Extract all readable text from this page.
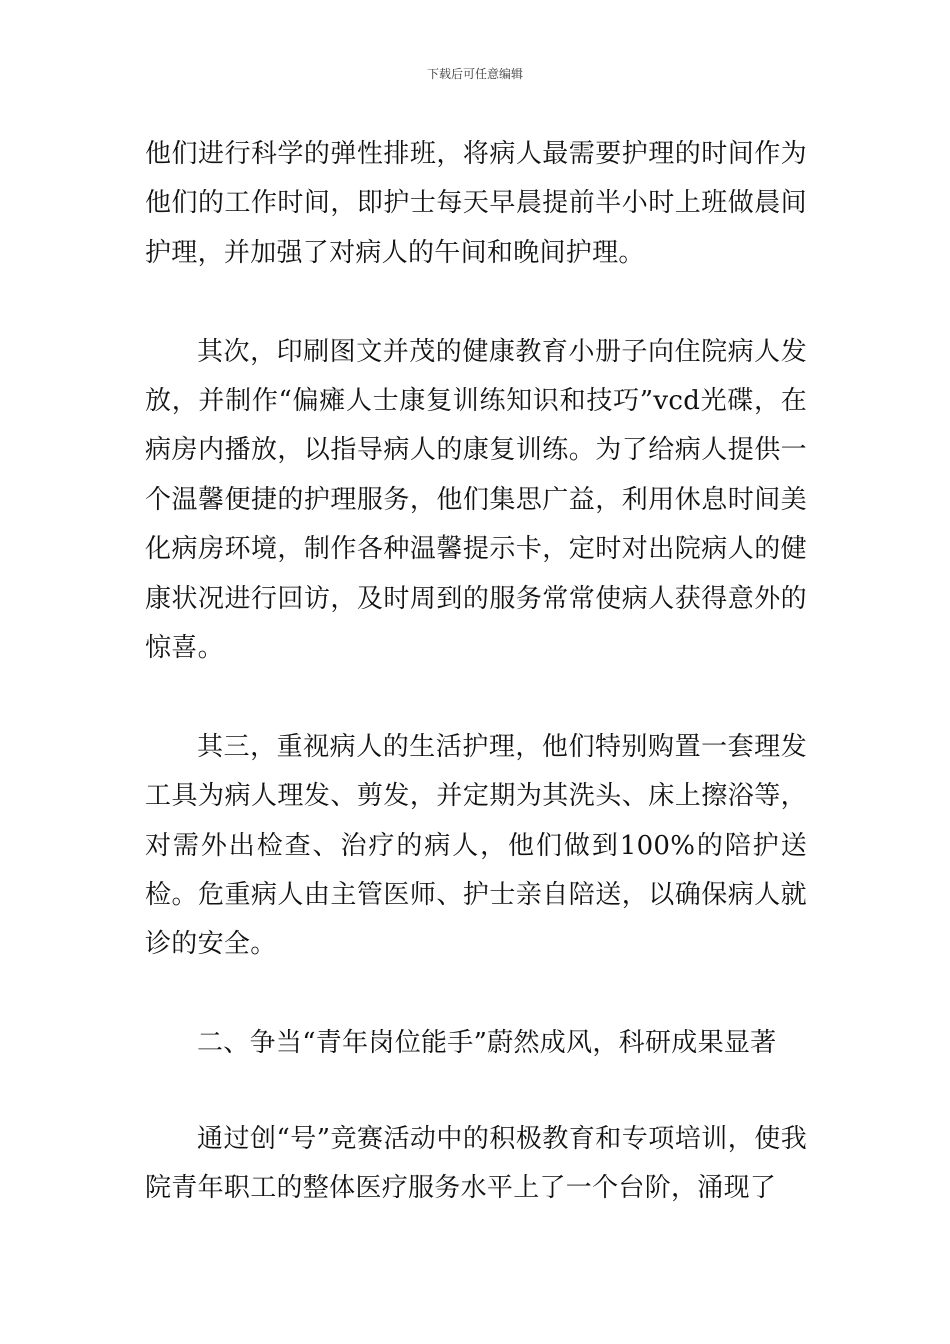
下载后可任意编辑

他们进行科学的弹性排班，将病人最需要护理的时间作为他们的工作时间，即护士每天早晨提前半小时上班做晨间护理，并加强了对病人的午间和晚间护理。

其次，印刷图文并茂的健康教育小册子向住院病人发放，并制作“偏瘫人士康复训练知识和技巧”vcd光碟，在病房内播放，以指导病人的康复训练。为了给病人提供一个温馨便捷的护理服务，他们集思广益，利用休息时间美化病房环境，制作各种温馨提示卡，定时对出院病人的健康状况进行回访，及时周到的服务常常使病人获得意外的惊喜。

其三，重视病人的生活护理，他们特别购置一套理发工具为病人理发、剪发，并定期为其洗头、床上擦浴等，对需外出检查、治疗的病人，他们做到100%的陪护送检。危重病人由主管医师、护士亲自陪送，以确保病人就诊的安全。

二、争当“青年岗位能手”蔚然成风，科研成果显著

通过创“号”竞赛活动中的积极教育和专项培训，使我院青年职工的整体医疗服务水平上了一个台阶，涌现了
